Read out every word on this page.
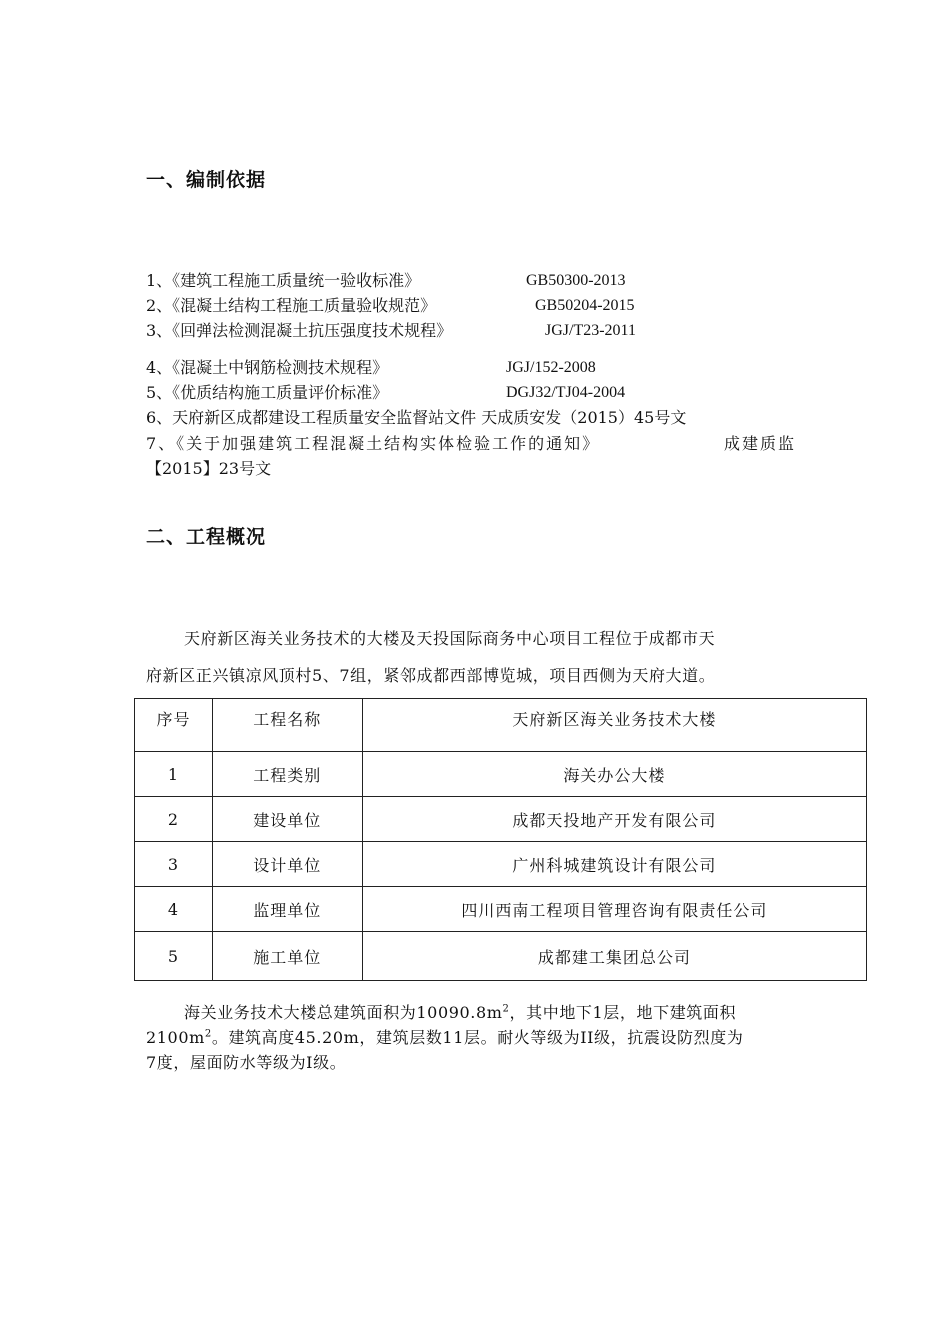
一、编制依据
1、《建筑工程施工质量统一验收标准》	GB50300-2013
2、《混凝土结构工程施工质量验收规范》	GB50204-2015
3、《回弹法检测混凝土抗压强度技术规程》	JGJ/T23-2011
4、《混凝土中钢筋检测技术规程》	JGJ/152-2008
5、《优质结构施工质量评价标准》	DGJ32/TJ04-2004
6、天府新区成都建设工程质量安全监督站文件 天成质安发（2015）45号文
7、《关于加强建筑工程混凝土结构实体检验工作的通知》	成建质监
【2015】23号文
二、工程概况
天府新区海关业务技术的大楼及天投国际商务中心项目工程位于成都市天
府新区正兴镇凉风顶村5、7组，紧邻成都西部博览城，项目西侧为天府大道。
序号	工程名称	天府新区海关业务技术大楼
1	工程类别	海关办公大楼
2	建设单位	成都天投地产开发有限公司
3	设计单位	广州科城建筑设计有限公司
4	监理单位	四川西南工程项目管理咨询有限责任公司
5	施工单位	成都建工集团总公司
海关业务技术大楼总建筑面积为$10090.8m^2$，其中地下1层，地下建筑面积
$2100m^2$。建筑高度45.20m，建筑层数11层。耐火等级为II级，抗震设防烈度为
7度，屋面防水等级为I级。
